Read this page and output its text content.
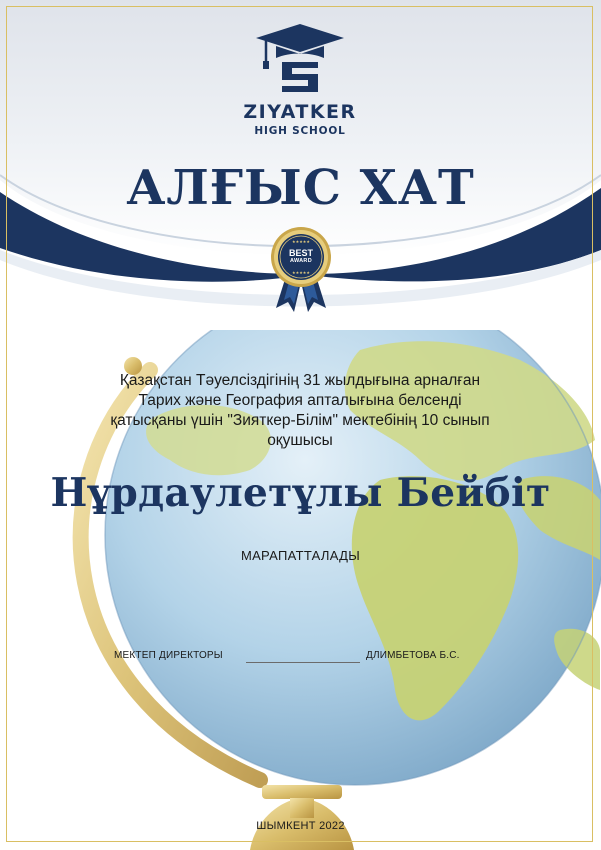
ZIYATKER
HIGH SCHOOL
АЛҒЫС ХАТ
★★★★★
★★★★★
BEST
AWARD
Қазақстан Тәуелсіздігінің 31 жылдығына арналған
Тарих және География апталығына белсенді
қатысқаны үшін "Зияткер-Білім" мектебінің 10 сынып
оқушысы
Нұрдаулетұлы Бейбіт
МАРАПАТТАЛАДЫ
МЕКТЕП ДИРЕКТОРЫ	ДЛИМБЕТОВА Б.С.
ШЫМКЕНТ 2022
